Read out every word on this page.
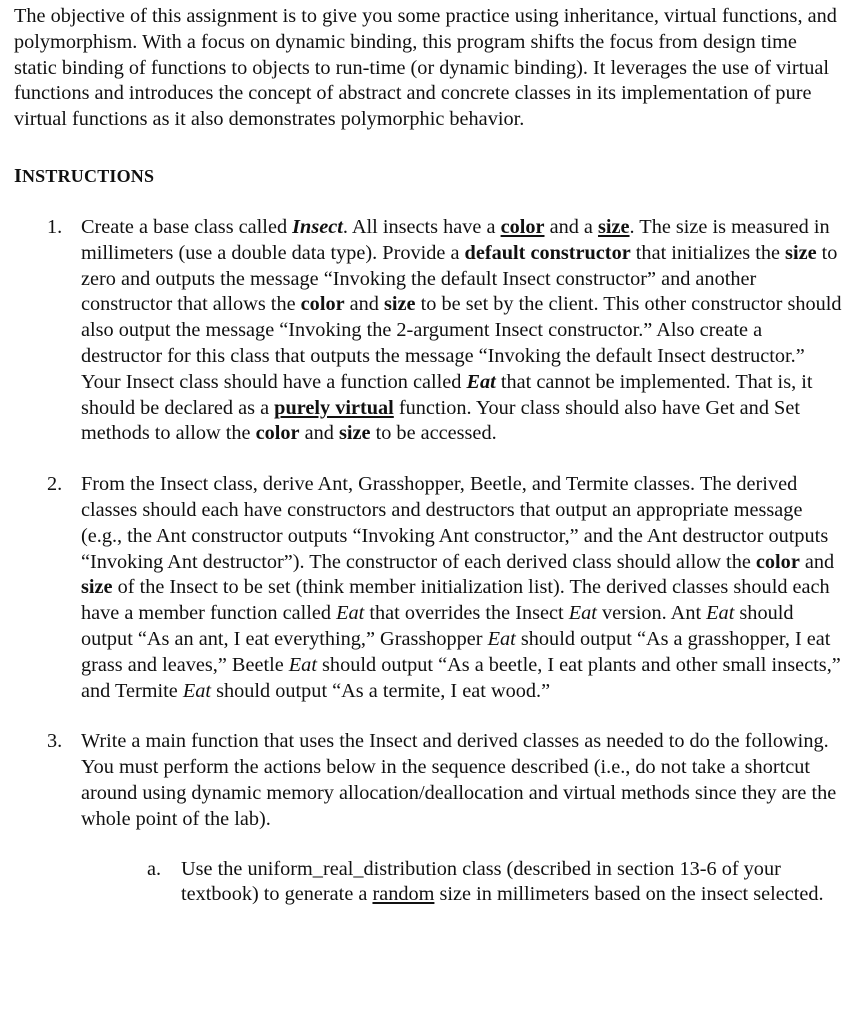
The objective of this assignment is to give you some practice using inheritance, virtual functions, and polymorphism. With a focus on dynamic binding, this program shifts the focus from design time static binding of functions to objects to run-time (or dynamic binding). It leverages the use of virtual functions and introduces the concept of abstract and concrete classes in its implementation of pure virtual functions as it also demonstrates polymorphic behavior.

INSTRUCTIONS
1. Create a base class called Insect. All insects have a color and a size. The size is measured in millimeters (use a double data type). Provide a default constructor that initializes the size to zero and outputs the message “Invoking the default Insect constructor” and another constructor that allows the color and size to be set by the client. This other constructor should also output the message “Invoking the 2-argument Insect constructor.” Also create a destructor for this class that outputs the message “Invoking the default Insect destructor.” Your Insect class should have a function called Eat that cannot be implemented. That is, it should be declared as a purely virtual function. Your class should also have Get and Set methods to allow the color and size to be accessed.
2. From the Insect class, derive Ant, Grasshopper, Beetle, and Termite classes. The derived classes should each have constructors and destructors that output an appropriate message (e.g., the Ant constructor outputs “Invoking Ant constructor,” and the Ant destructor outputs “Invoking Ant destructor”). The constructor of each derived class should allow the color and size of the Insect to be set (think member initialization list). The derived classes should each have a member function called Eat that overrides the Insect Eat version. Ant Eat should output “As an ant, I eat everything,” Grasshopper Eat should output “As a grasshopper, I eat grass and leaves,” Beetle Eat should output “As a beetle, I eat plants and other small insects,” and Termite Eat should output “As a termite, I eat wood.”
3. Write a main function that uses the Insect and derived classes as needed to do the following. You must perform the actions below in the sequence described (i.e., do not take a shortcut around using dynamic memory allocation/deallocation and virtual methods since they are the whole point of the lab).
a. Use the uniform_real_distribution class (described in section 13-6 of your textbook) to generate a random size in millimeters based on the insect selected.
